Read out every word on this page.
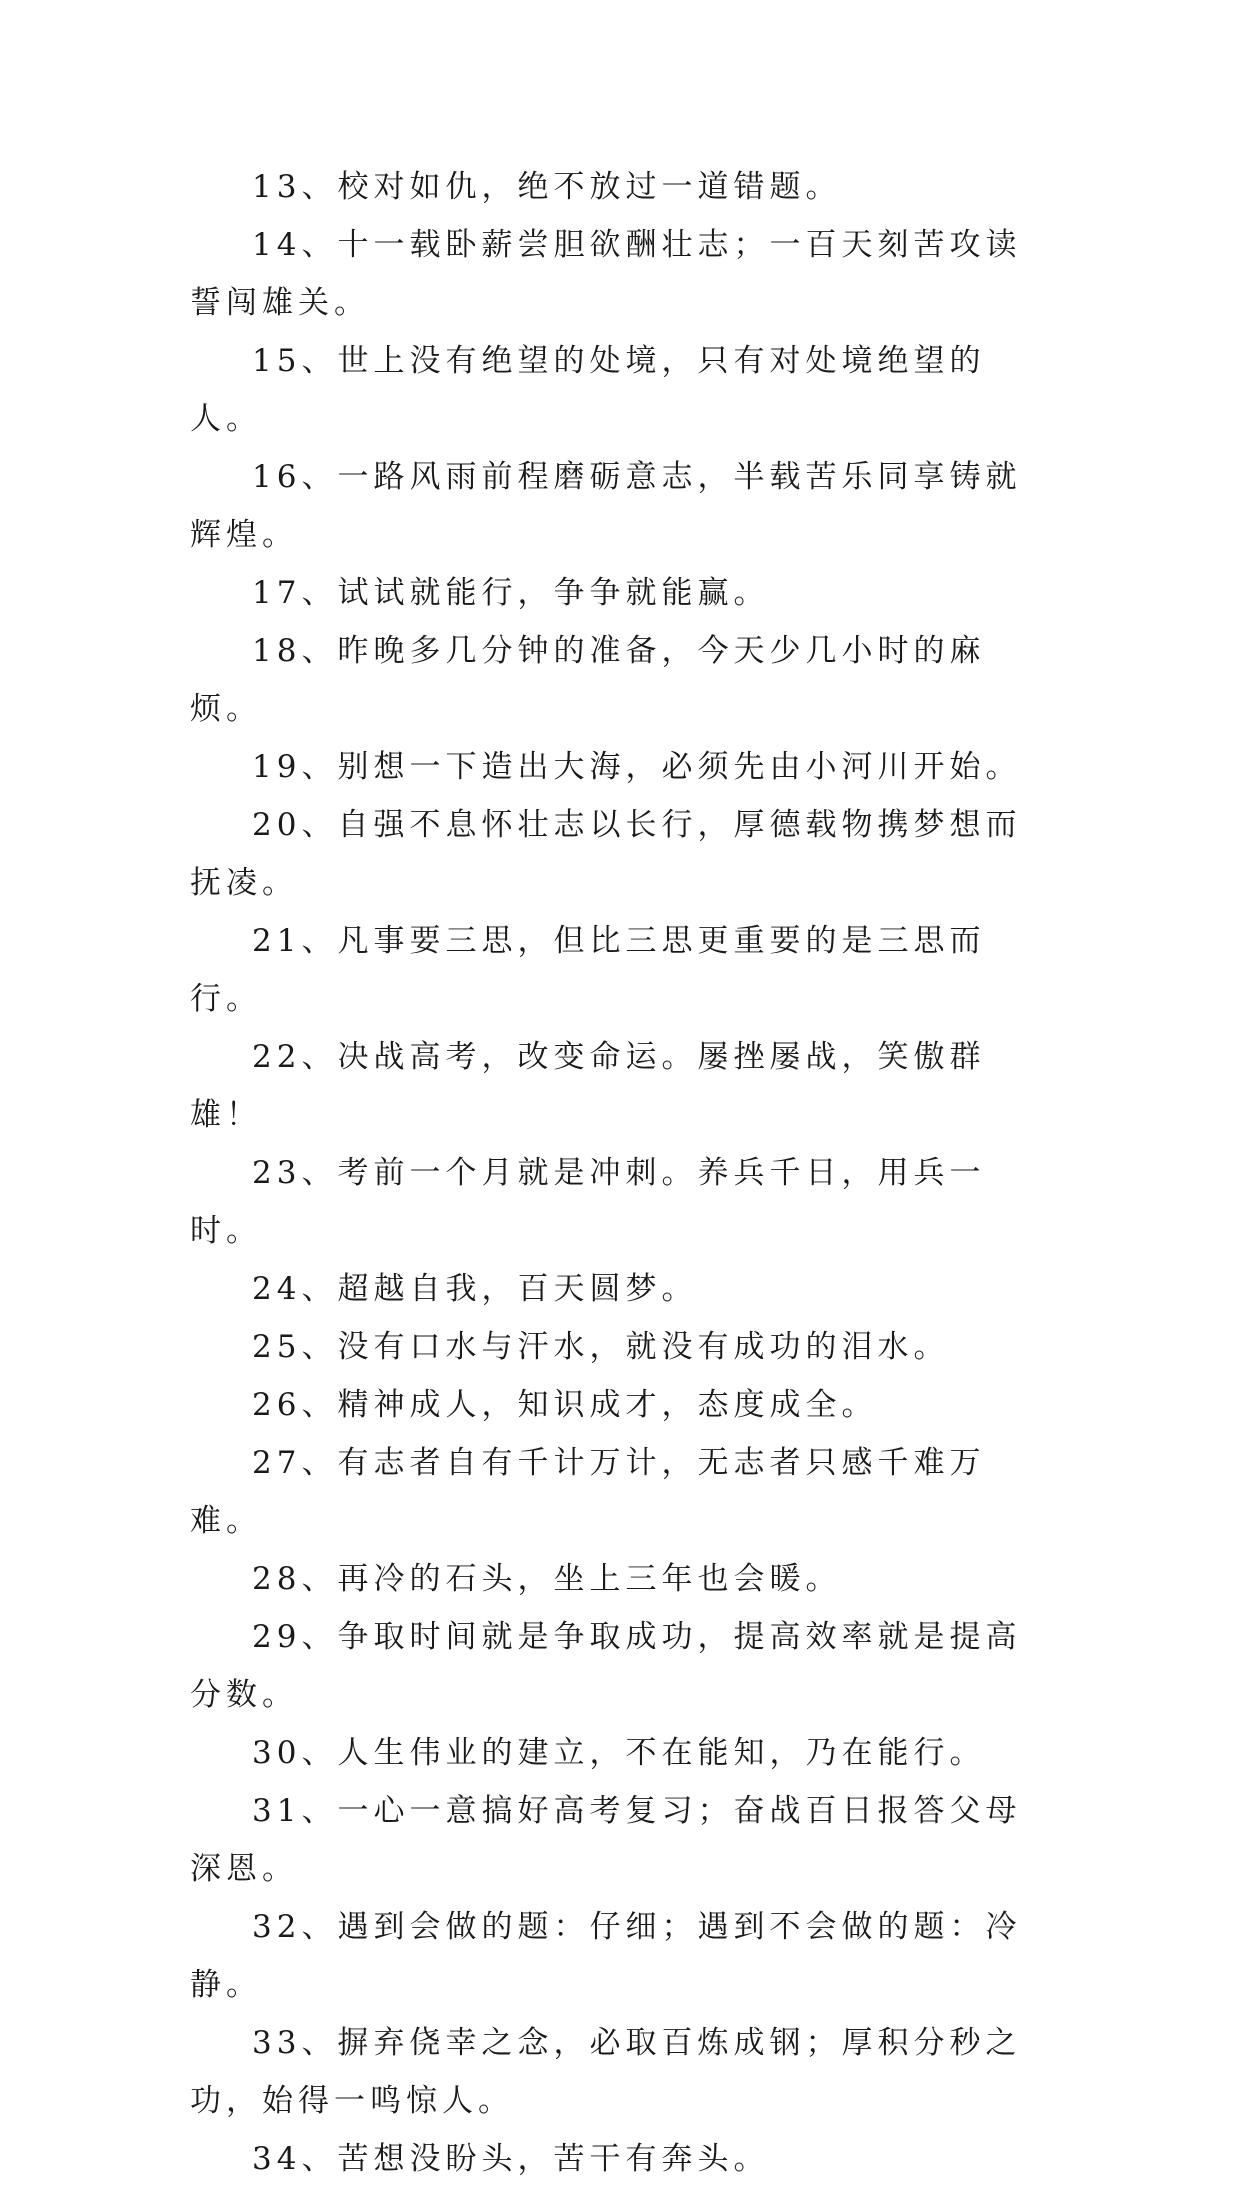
13、校对如仇，绝不放过一道错题。

14、十一载卧薪尝胆欲酬壮志；一百天刻苦攻读誓闯雄关。

15、世上没有绝望的处境，只有对处境绝望的人。

16、一路风雨前程磨砺意志，半载苦乐同享铸就辉煌。

17、试试就能行，争争就能赢。

18、昨晚多几分钟的准备，今天少几小时的麻烦。

19、别想一下造出大海，必须先由小河川开始。

20、自强不息怀壮志以长行，厚德载物携梦想而抚凌。

21、凡事要三思，但比三思更重要的是三思而行。

22、决战高考，改变命运。屡挫屡战，笑傲群雄！

23、考前一个月就是冲刺。养兵千日，用兵一时。

24、超越自我，百天圆梦。

25、没有口水与汗水，就没有成功的泪水。

26、精神成人，知识成才，态度成全。

27、有志者自有千计万计，无志者只感千难万难。

28、再冷的石头，坐上三年也会暖。

29、争取时间就是争取成功，提高效率就是提高分数。

30、人生伟业的建立，不在能知，乃在能行。

31、一心一意搞好高考复习；奋战百日报答父母深恩。

32、遇到会做的题：仔细；遇到不会做的题：冷静。

33、摒弃侥幸之念，必取百炼成钢；厚积分秒之功，始得一鸣惊人。

34、苦想没盼头，苦干有奔头。
